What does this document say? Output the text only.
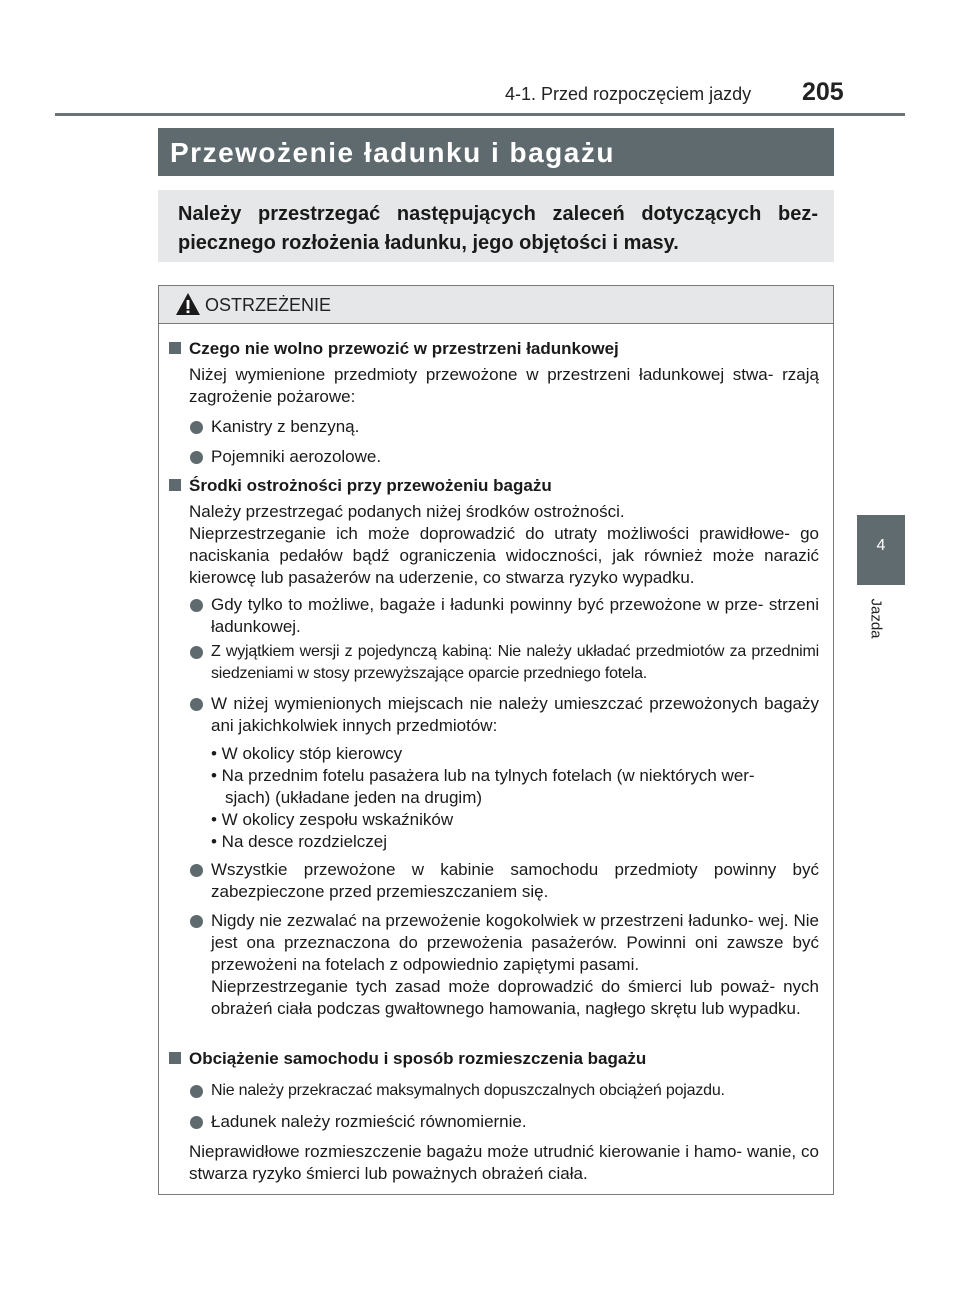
4-1. Przed rozpoczęciem jazdy 205
4
Jazda
Przewożenie ładunku i bagażu

Należy przestrzegać następujących zaleceń dotyczących bez- piecznego rozłożenia ładunku, jego objętości i masy.

OSTRZEŻENIE
Czego nie wolno przewozić w przestrzeni ładunkowej
Niżej wymienione przedmioty przewożone w przestrzeni ładunkowej stwa- rzają zagrożenie pożarowe:
Kanistry z benzyną.
Pojemniki aerozolowe.
Środki ostrożności przy przewożeniu bagażu
Należy przestrzegać podanych niżej środków ostrożności.
Nieprzestrzeganie ich może doprowadzić do utraty możliwości prawidłowe- go naciskania pedałów bądź ograniczenia widoczności, jak również może narazić kierowcę lub pasażerów na uderzenie, co stwarza ryzyko wypadku.
Gdy tylko to możliwe, bagaże i ładunki powinny być przewożone w prze- strzeni ładunkowej.
Z wyjątkiem wersji z pojedynczą kabiną: Nie należy układać przedmiotów za przednimi siedzeniami w stosy przewyższające oparcie przedniego fotela.
W niżej wymienionych miejscach nie należy umieszczać przewożonych bagaży ani jakichkolwiek innych przedmiotów:
• W okolicy stóp kierowcy
• Na przednim fotelu pasażera lub na tylnych fotelach (w niektórych wer-
sjach) (układane jeden na drugim)
• W okolicy zespołu wskaźników
• Na desce rozdzielczej
Wszystkie przewożone w kabinie samochodu przedmioty powinny być zabezpieczone przed przemieszczaniem się.
Nigdy nie zezwalać na przewożenie kogokolwiek w przestrzeni ładunko- wej. Nie jest ona przeznaczona do przewożenia pasażerów. Powinni oni zawsze być przewożeni na fotelach z odpowiednio zapiętymi pasami.
Nieprzestrzeganie tych zasad może doprowadzić do śmierci lub poważ- nych obrażeń ciała podczas gwałtownego hamowania, nagłego skrętu lub wypadku.
Obciążenie samochodu i sposób rozmieszczenia bagażu
Nie należy przekraczać maksymalnych dopuszczalnych obciążeń pojazdu.
Ładunek należy rozmieścić równomiernie.
Nieprawidłowe rozmieszczenie bagażu może utrudnić kierowanie i hamo- wanie, co stwarza ryzyko śmierci lub poważnych obrażeń ciała.
